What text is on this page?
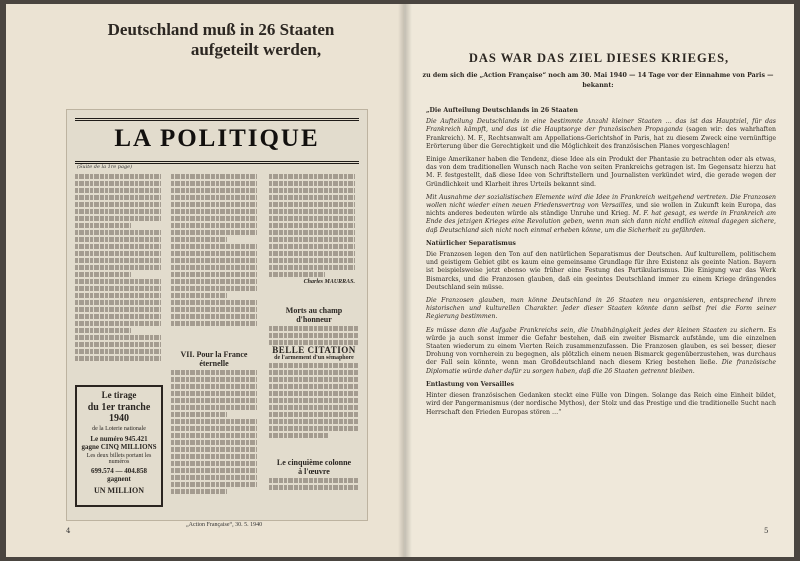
Deutschland muß in 26 Staaten
aufgeteilt werden,
LA POLITIQUE
(Suite de la 1re page)
Le tirage
du 1er tranche 1940
de la Loterie nationale
Le numéro 945.421
gagne CINQ MILLIONS
Les deux billets portant les numéros
699.574 — 404.858 gagnent
UN MILLION
VII. Pour la France éternelle
Charles MAURRAS.
Morts au champ d'honneur
BELLE CITATION
de l'armement d'un sémaphore
Le cinquième colonne
à l'œuvre
„Action Française“, 30. 5. 1940
4
DAS WAR DAS ZIEL DIESES KRIEGES,
zu dem sich die „Action Française“ noch am 30. Mai 1940 — 14 Tage vor der Einnahme von Paris — bekannt:
„Die Aufteilung Deutschlands in 26 Staaten

Die Aufteilung Deutschlands in eine bestimmte Anzahl kleiner Staaten … das ist das Hauptziel, für das Frankreich kämpft, und das ist die Hauptsorge der französischen Propaganda (sagen wir: des wahrhaften Frankreich). M. F., Rechtsanwalt am Appellations-Gerichtshof in Paris, hat zu diesem Zweck eine vernünftige Erörterung über die Gerechtigkeit und die Möglichkeit des französischen Planes vorgeschlagen!

Einige Amerikaner haben die Tendenz, diese Idee als ein Produkt der Phantasie zu betrachten oder als etwas, das von dem traditionellen Wunsch nach Rache von seiten Frankreichs getragen ist. Im Gegensatz hierzu hat M. F. festgestellt, daß diese Idee von Schriftstellern und Journalisten verkündet wird, die gerade wegen der Gründlichkeit und Klarheit ihres Urteils bekannt sind.

Mit Ausnahme der sozialistischen Elemente wird die Idee in Frankreich weitgehend vertreten. Die Franzosen wollen nicht wieder einen neuen Friedensvertrag von Versailles, und sie wollen in Zukunft kein Europa, das nichts anderes bedeuten würde als ständige Unruhe und Krieg. M. F. hat gesagt, es werde in Frankreich am Ende des jetzigen Krieges eine Revolution geben, wenn man sich dann nicht endlich einmal dagegen sichere, daß Deutschland sich nicht noch einmal erheben könne, um die Sicherheit zu gefährden.

Natürlicher Separatismus

Die Franzosen legen den Ton auf den natürlichen Separatismus der Deutschen. Auf kulturellem, politischem und geistigem Gebiet gibt es kaum eine gemeinsame Grundlage für ihre Existenz als geeinte Nation. Bayern ist beispielsweise jetzt ebenso wie früher eine Festung des Partikularismus. Die Einigung war das Werk Bismarcks, und die Franzosen glauben, daß ein geeintes Deutschland immer zu einem Kriege drängendes Deutschland sein müsse.

Die Franzosen glauben, man könne Deutschland in 26 Staaten neu organisieren, entsprechend ihrem historischen und kulturellen Charakter. Jeder dieser Staaten könnte dann selbst frei die Form seiner Regierung bestimmen.

Es müsse dann die Aufgabe Frankreichs sein, die Unabhängigkeit jedes der kleinen Staaten zu sichern. Es würde ja auch sonst immer die Gefahr bestehen, daß ein zweiter Bismarck aufstände, um die einzelnen Staaten wiederum zu einem Vierten Reich zusammenzufassen. Die Franzosen glauben, es sei besser, dieser Drohung von vornherein zu begegnen, als plötzlich einem neuen Bismarck gegenüberzustehen, was durchaus der Fall sein könnte, wenn man Großdeutschland nach diesem Krieg bestehen ließe. Die französische Diplomatie würde daher dafür zu sorgen haben, daß die 26 Staaten getrennt bleiben.

Entlastung von Versailles

Hinter diesen französischen Gedanken steckt eine Fülle von Dingen. Solange das Reich eine Einheit bildet, wird der Pangermanismus (der nordische Mythos), der Stolz und das Prestige und die traditionelle Sucht nach Herrschaft den Frieden Europas stören …“

5
